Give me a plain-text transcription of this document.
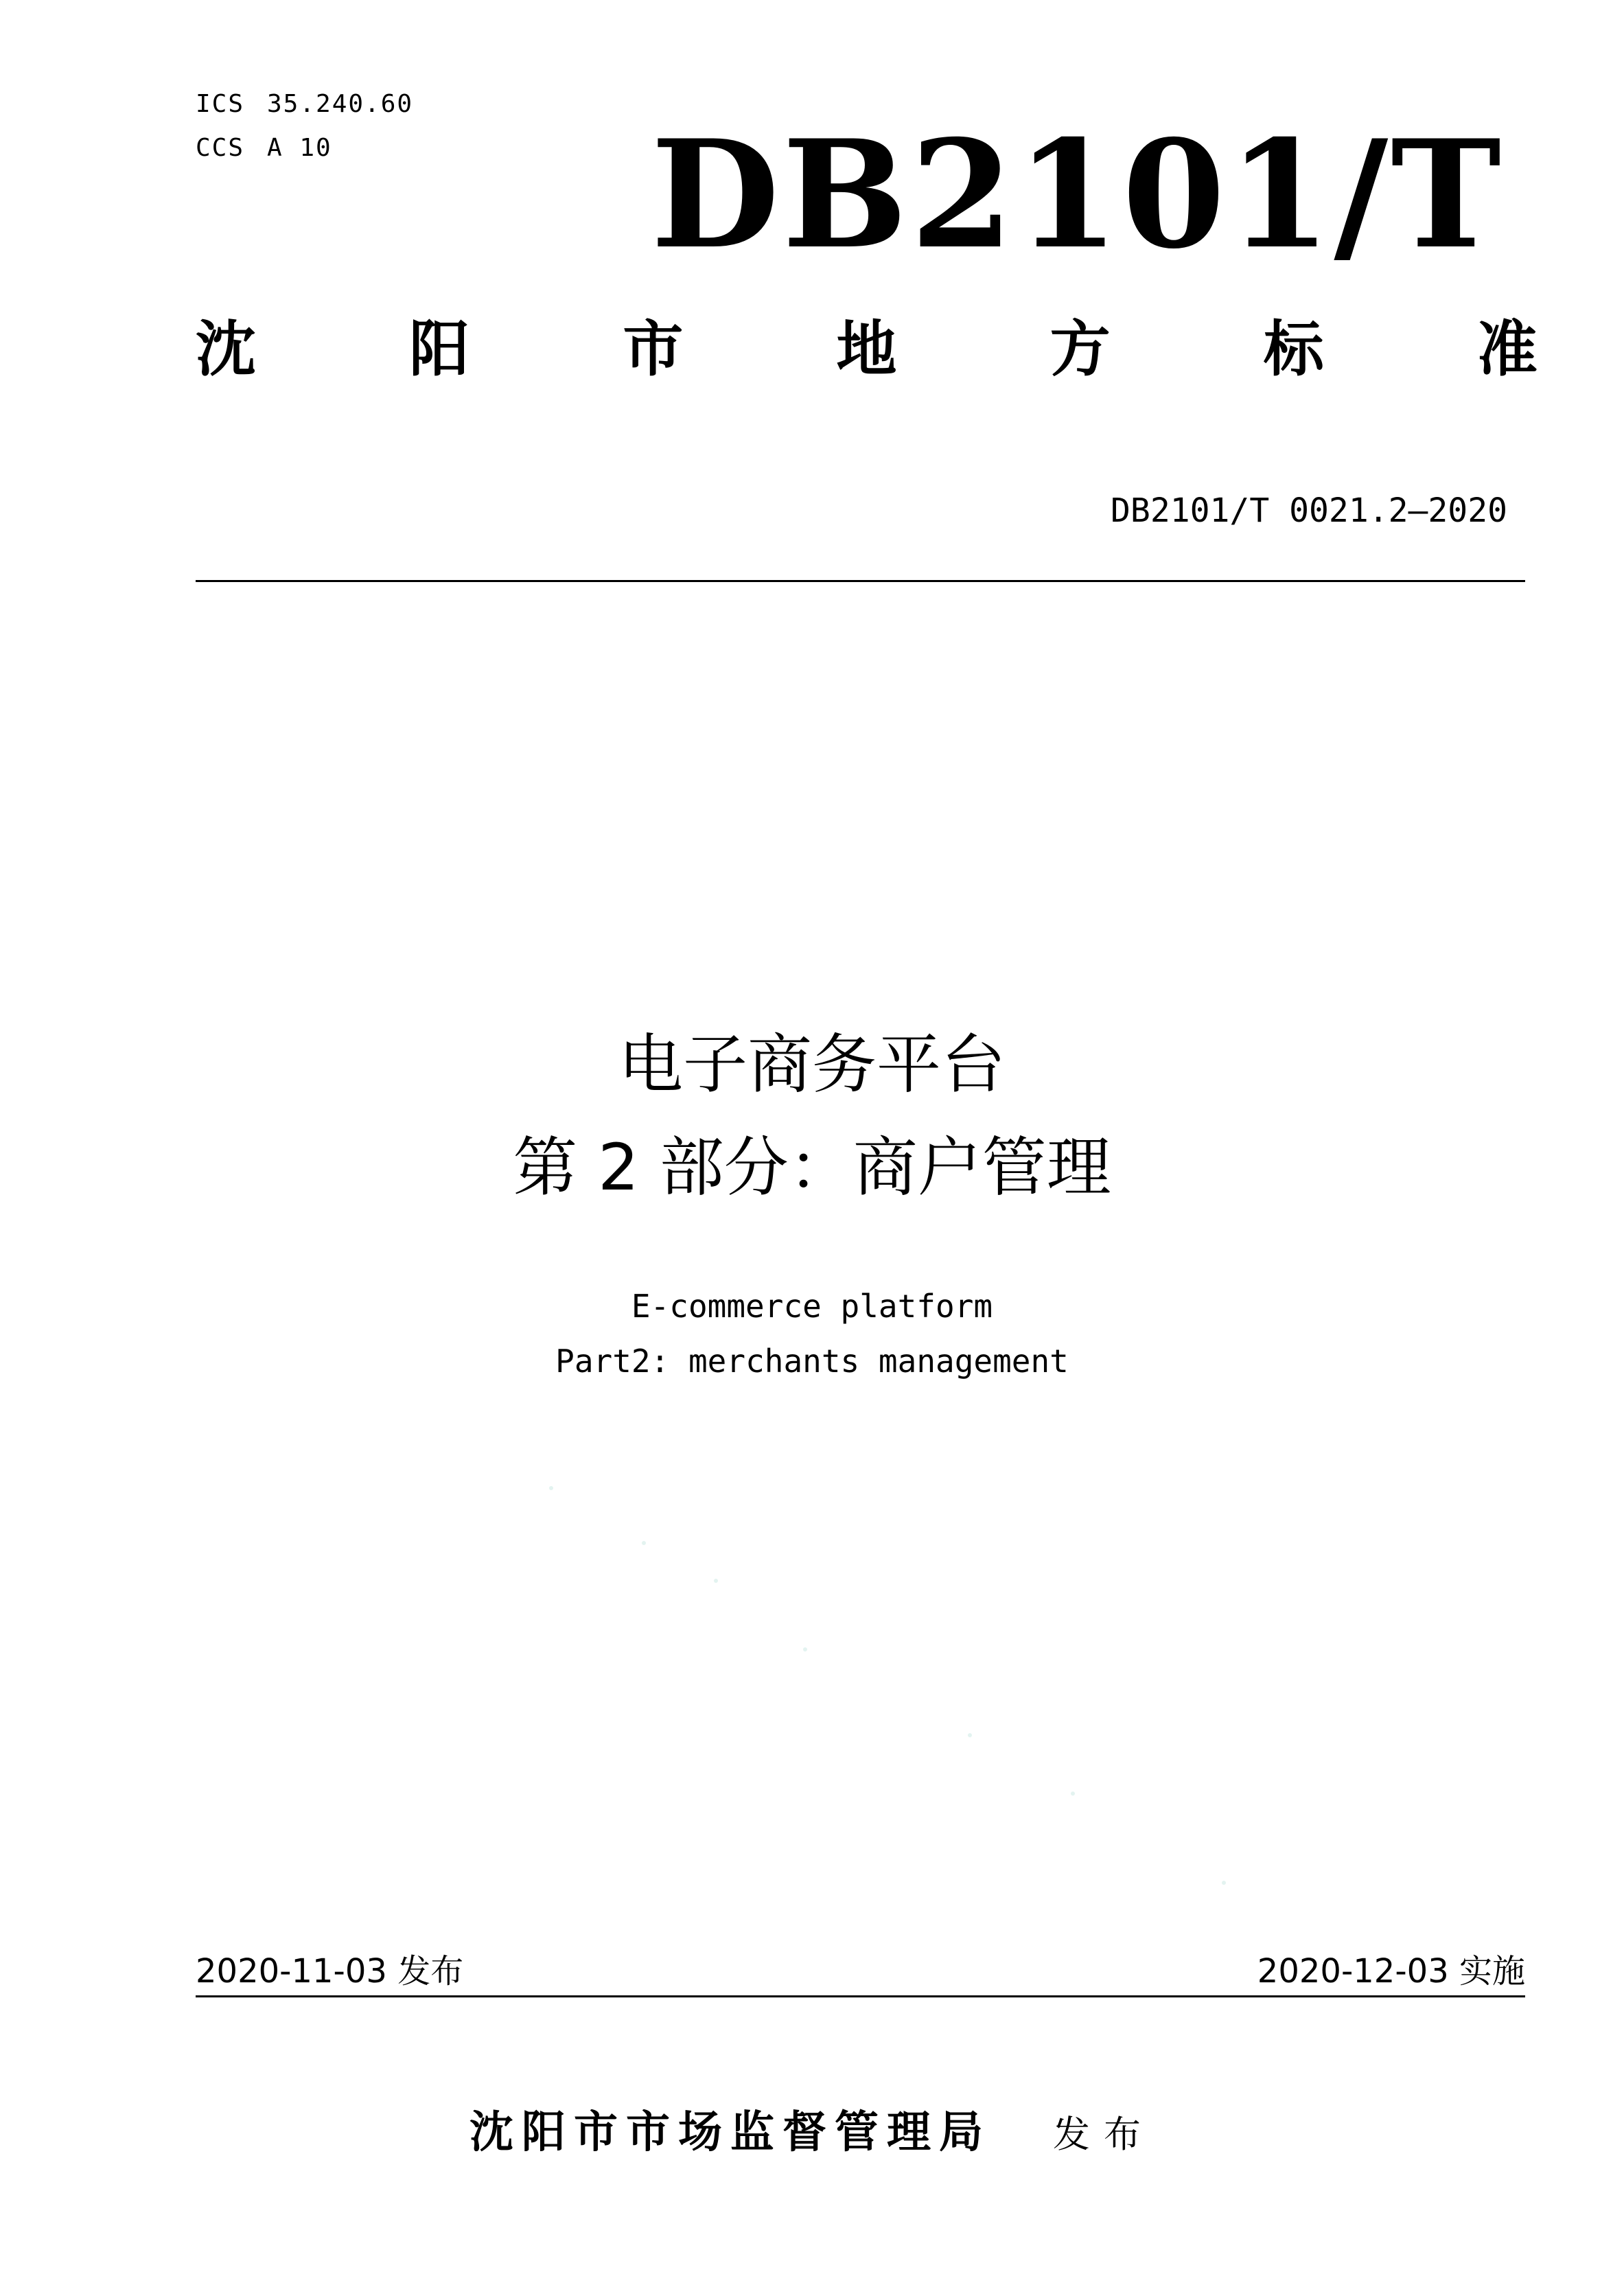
ICS 35.240.60
CCS A 10	DB2101/T
沈	阳	市	地	方	标	准
DB2101/T 0021.2—2020
电子商务平台
第 2 部分：商户管理
E-commerce platform
Part2: merchants management
2020-11-03 发布	2020-12-03 实施
沈阳市市场监督管理局 发布
